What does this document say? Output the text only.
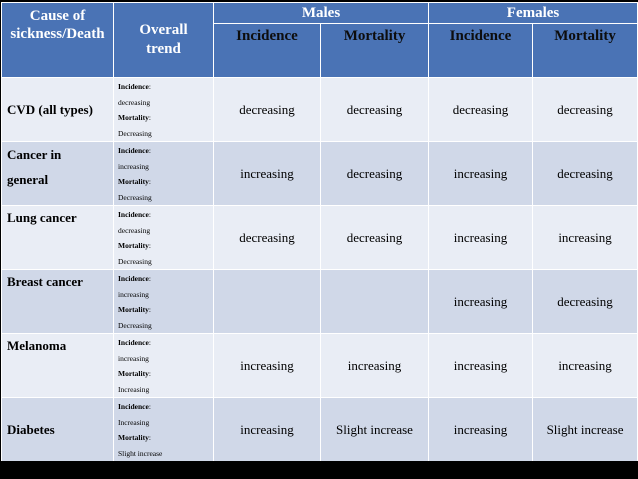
Cause of
sickness/Death	Overall
trend	Males		Females	
		Incidence	Mortality	Incidence	Mortality
CVD (all types)	Incidence:
decreasing
Mortality:
Decreasing	decreasing	decreasing	decreasing	decreasing
Cancer in
general	Incidence:
increasing
Mortality:
Decreasing	increasing	decreasing	increasing	decreasing
Lung cancer	Incidence:
decreasing
Mortality:
Decreasing	decreasing	decreasing	increasing	increasing
Breast cancer	Incidence:
increasing
Mortality:
Decreasing			increasing	decreasing
Melanoma	Incidence:
increasing
Mortality:
Increasing	increasing	increasing	increasing	increasing
Diabetes	Incidence:
Increasing
Mortality:
Slight increase	increasing	Slight increase	increasing	Slight increase
